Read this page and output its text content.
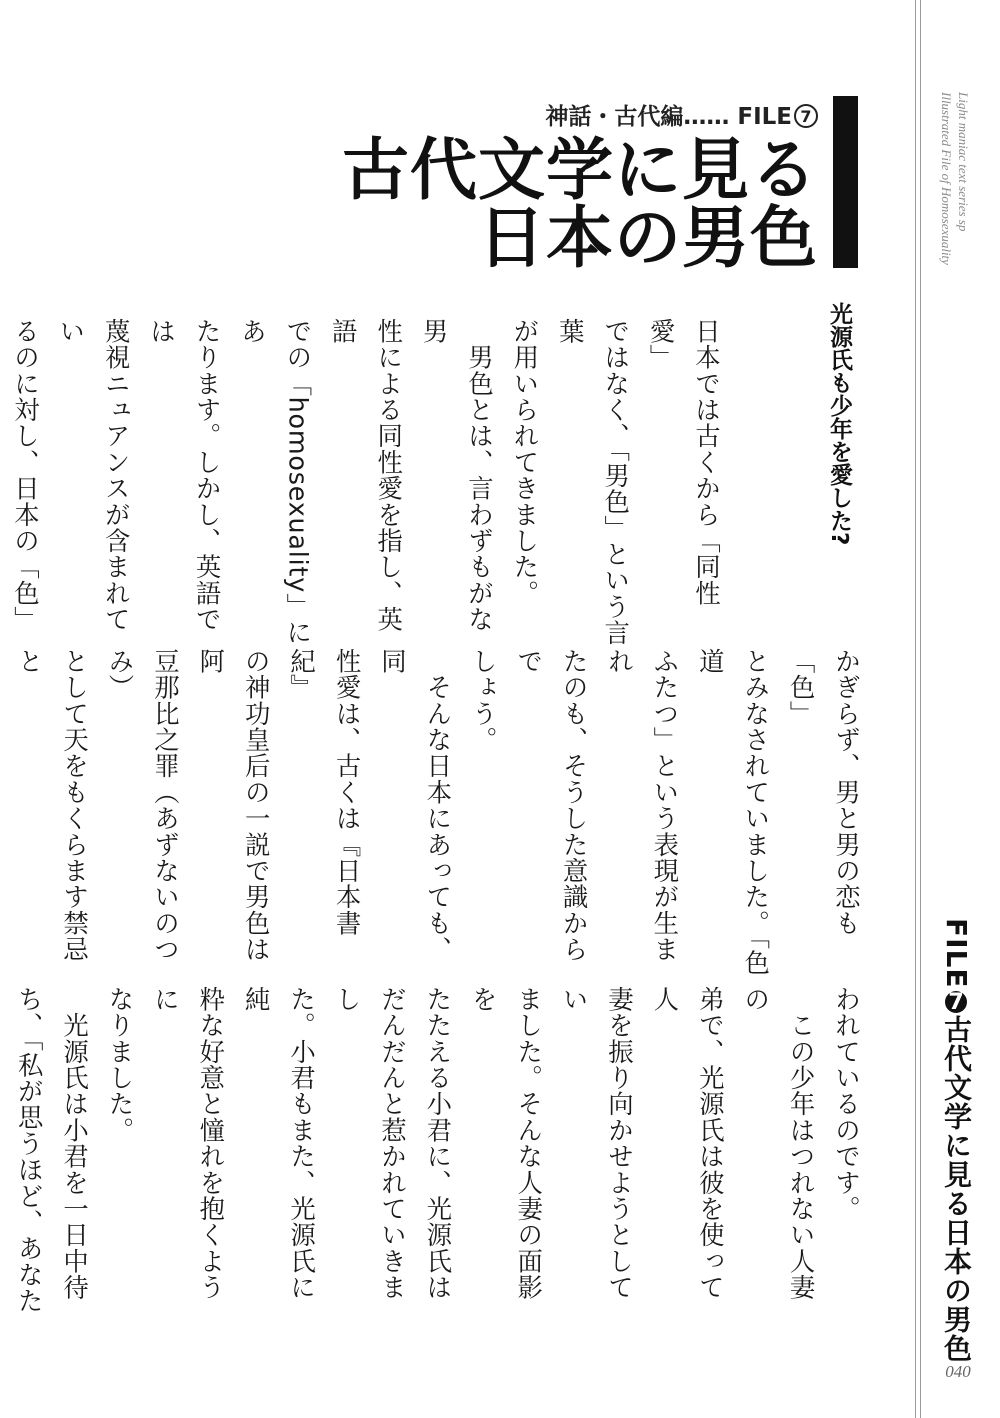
Light maniac text series sp
Illustrated File of Homosexuality
神話・古代編…… FILE 7
古代文学に見る
日本の男色
光源氏も少年を愛した?

日本では古くから「同性愛」
ではなく、「男色」という言葉
が用いられてきました。
　男色とは、言わずもがな男
性による同性愛を指し、英語
での「homosexuality」にあ
たります。しかし、英語では
蔑視ニュアンスが含まれてい
るのに対し、日本の「色」

かぎらず、男と男の恋も「色」
とみなされていました。「色道
ふたつ」という表現が生まれ
たのも、そうした意識からで
しょう。
　そんな日本にあっても、同
性愛は、古くは『日本書紀』
の神功皇后の一説で男色は阿
豆那比之罪（あずないのつみ）
として天をもくらます禁忌と

われているのです。
　この少年はつれない人妻の
弟で、光源氏は彼を使って人
妻を振り向かせようとしてい
ました。そんな人妻の面影を
たたえる小君に、光源氏は
だんだんと惹かれていきまし
た。小君もまた、光源氏に純
粋な好意と憧れを抱くように
なりました。
　光源氏は小君を一日中待
ち、「私が思うほど、あなた

FILE7古代文学に見る日本の男色
040
